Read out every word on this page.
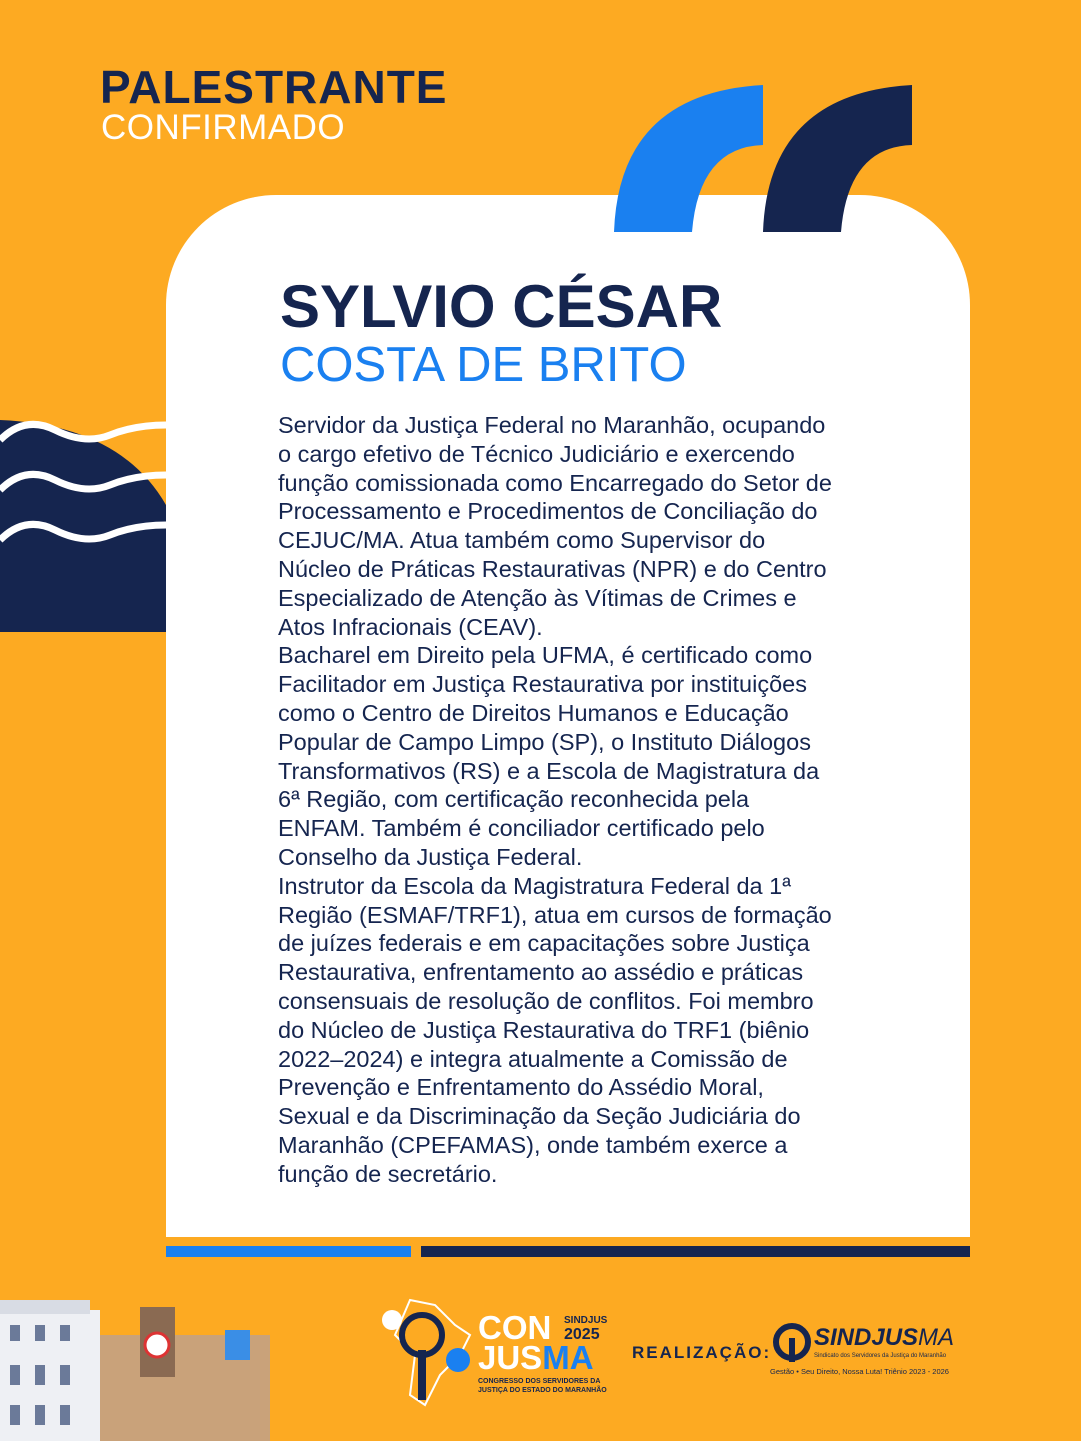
PALESTRANTE
CONFIRMADO
SYLVIO CÉSAR
COSTA DE BRITO
Servidor da Justiça Federal no Maranhão, ocupando
o cargo efetivo de Técnico Judiciário e exercendo
função comissionada como Encarregado do Setor de
Processamento e Procedimentos de Conciliação do
CEJUC/MA. Atua também como Supervisor do
Núcleo de Práticas Restaurativas (NPR) e do Centro
Especializado de Atenção às Vítimas de Crimes e
Atos Infracionais (CEAV).
Bacharel em Direito pela UFMA, é certificado como
Facilitador em Justiça Restaurativa por instituições
como o Centro de Direitos Humanos e Educação
Popular de Campo Limpo (SP), o Instituto Diálogos
Transformativos (RS) e a Escola de Magistratura da
6ª Região, com certificação reconhecida pela
ENFAM. Também é conciliador certificado pelo
Conselho da Justiça Federal.
Instrutor da Escola da Magistratura Federal da 1ª
Região (ESMAF/TRF1), atua em cursos de formação
de juízes federais e em capacitações sobre Justiça
Restaurativa, enfrentamento ao assédio e práticas
consensuais de resolução de conflitos. Foi membro
do Núcleo de Justiça Restaurativa do TRF1 (biênio
2022–2024) e integra atualmente a Comissão de
Prevenção e Enfrentamento do Assédio Moral,
Sexual e da Discriminação da Seção Judiciária do
Maranhão (CPEFAMAS), onde também exerce a
função de secretário.
CON SINDJUS
2025
JUSMA
CONGRESSO DOS SERVIDORES DA
JUSTIÇA DO ESTADO DO MARANHÃO
REALIZAÇÃO:
SINDJUSMA
Sindicato dos Servidores da Justiça do Maranhão
Gestão • Seu Direito, Nossa Luta! Triênio 2023 - 2026
